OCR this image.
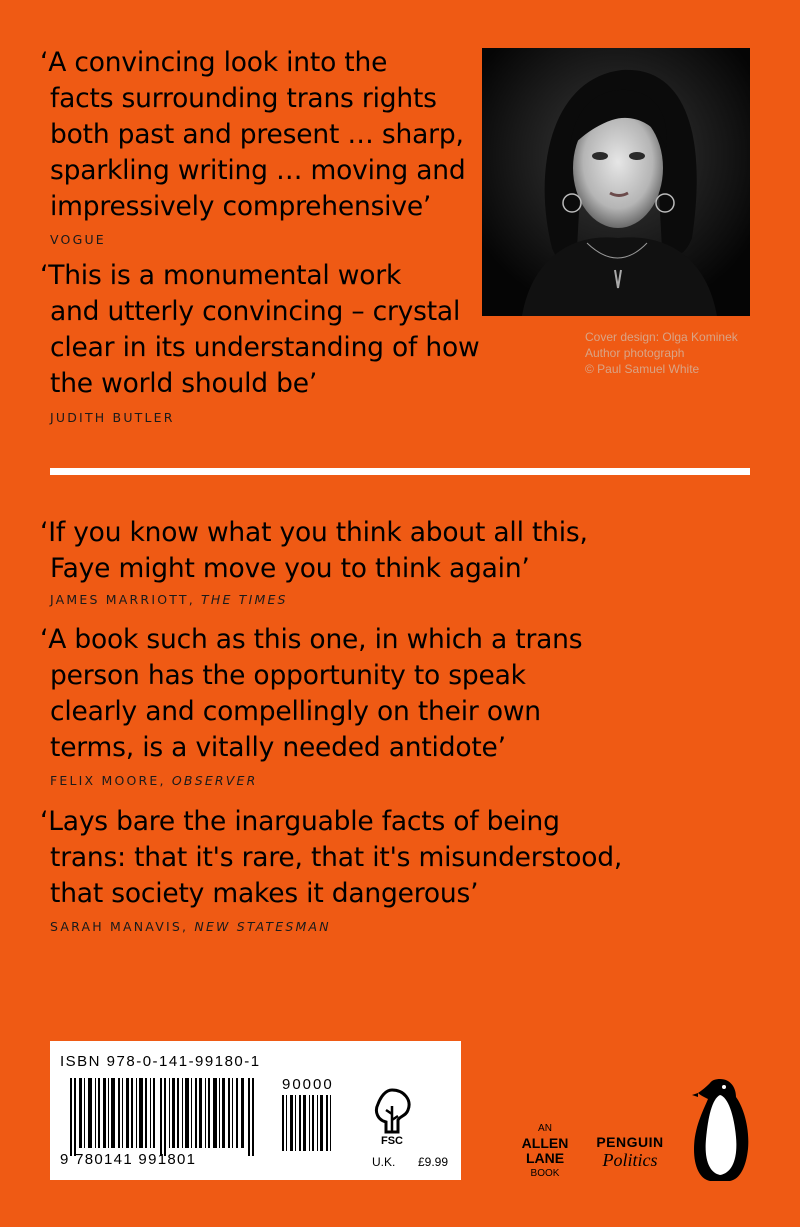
‘A convincing look into the
facts surrounding trans rights
both past and present … sharp,
sparkling writing … moving and
impressively comprehensive’
VOGUE
‘This is a monumental work
and utterly convincing – crystal
clear in its understanding of how
the world should be’
JUDITH BUTLER
Cover design: Olga Kominek
Author photograph
© Paul Samuel White
‘If you know what you think about all this,
Faye might move you to think again’
JAMES MARRIOTT, THE TIMES
‘A book such as this one, in which a trans
person has the opportunity to speak
clearly and compellingly on their own
terms, is a vitally needed antidote’
FELIX MOORE, OBSERVER
‘Lays bare the inarguable facts of being
trans: that it's rare, that it's misunderstood,
that society makes it dangerous’
SARAH MANAVIS, NEW STATESMAN
ISBN 978-0-141-99180-1
90000
9 780141 991801
FSC
U.K. £9.99
AN
ALLEN
LANE
BOOK
PENGUIN
Politics
